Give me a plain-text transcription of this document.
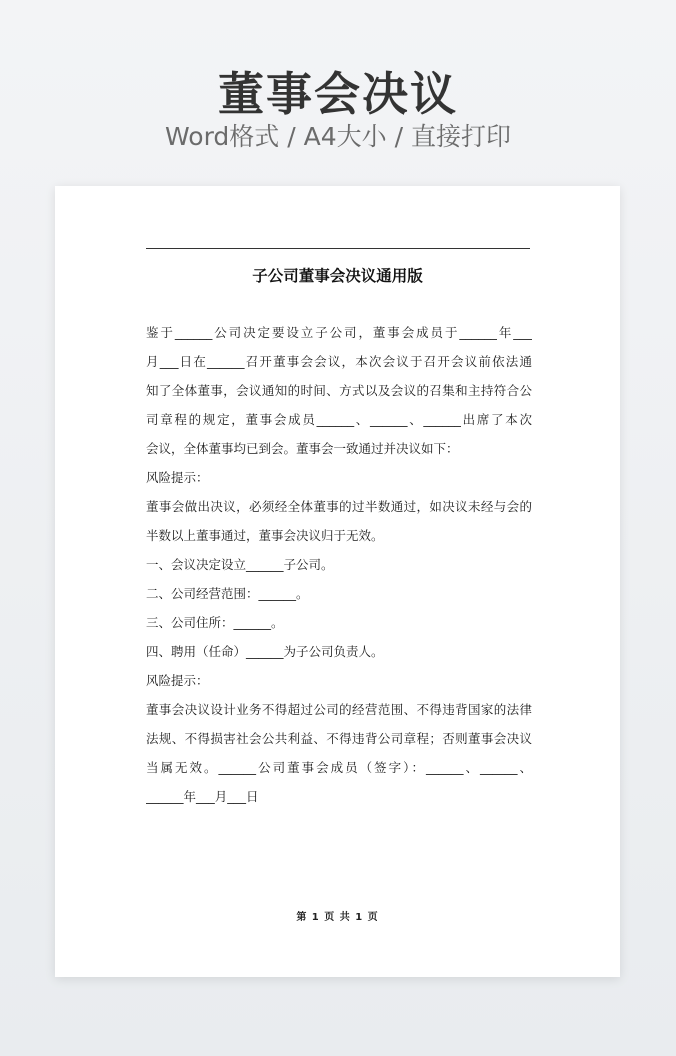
董事会决议
Word格式 / A4大小 / 直接打印
子公司董事会决议通用版
鉴于______公司决定要设立子公司，董事会成员于______年___
月___日在______召开董事会会议，本次会议于召开会议前依法通
知了全体董事，会议通知的时间、方式以及会议的召集和主持符合公
司章程的规定，董事会成员______、______、______出席了本次
会议，全体董事均已到会。董事会一致通过并决议如下：
风险提示：
董事会做出决议，必须经全体董事的过半数通过，如决议未经与会的
半数以上董事通过，董事会决议归于无效。
一、会议决定设立______子公司。
二、公司经营范围：______。
三、公司住所：______。
四、聘用（任命）______为子公司负责人。
风险提示：
董事会决议设计业务不得超过公司的经营范围、不得违背国家的法律
法规、不得损害社会公共利益、不得违背公司章程；否则董事会决议
当属无效。______公司董事会成员（签字）：______、______、
______年___月___日
第 1 页 共 1 页
